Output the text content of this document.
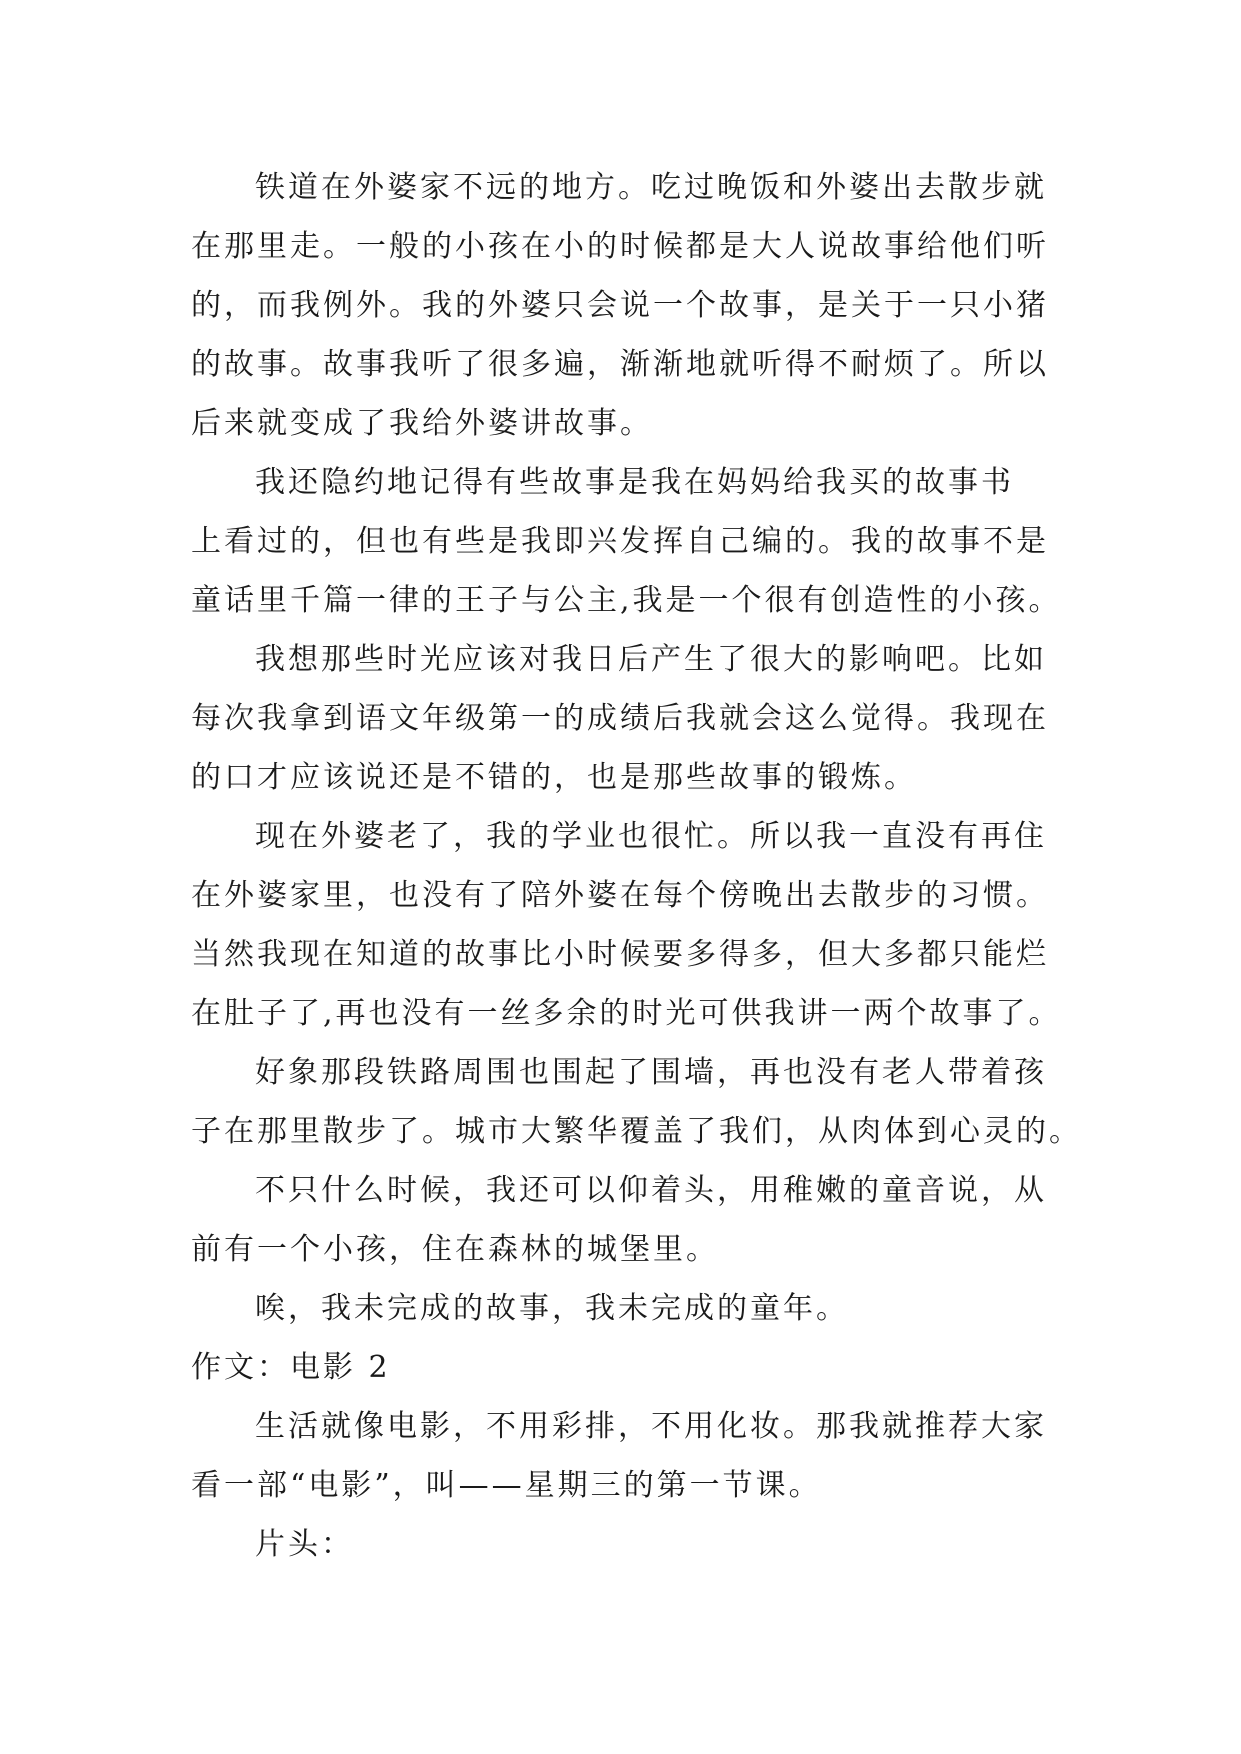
铁道在外婆家不远的地方。吃过晚饭和外婆出去散步就
在那里走。一般的小孩在小的时候都是大人说故事给他们听
的，而我例外。我的外婆只会说一个故事，是关于一只小猪
的故事。故事我听了很多遍，渐渐地就听得不耐烦了。所以
后来就变成了我给外婆讲故事。
我还隐约地记得有些故事是我在妈妈给我买的故事书
上看过的，但也有些是我即兴发挥自己编的。我的故事不是
童话里千篇一律的王子与公主,我是一个很有创造性的小孩。
我想那些时光应该对我日后产生了很大的影响吧。比如
每次我拿到语文年级第一的成绩后我就会这么觉得。我现在
的口才应该说还是不错的，也是那些故事的锻炼。
现在外婆老了，我的学业也很忙。所以我一直没有再住
在外婆家里，也没有了陪外婆在每个傍晚出去散步的习惯。
当然我现在知道的故事比小时候要多得多，但大多都只能烂
在肚子了,再也没有一丝多余的时光可供我讲一两个故事了。
好象那段铁路周围也围起了围墙，再也没有老人带着孩
子在那里散步了。城市大繁华覆盖了我们，从肉体到心灵的。
不只什么时候，我还可以仰着头，用稚嫩的童音说，从
前有一个小孩，住在森林的城堡里。
唉，我未完成的故事，我未完成的童年。
作文：电影 2
生活就像电影，不用彩排，不用化妆。那我就推荐大家
看一部“电影”，叫——星期三的第一节课。
片头：
